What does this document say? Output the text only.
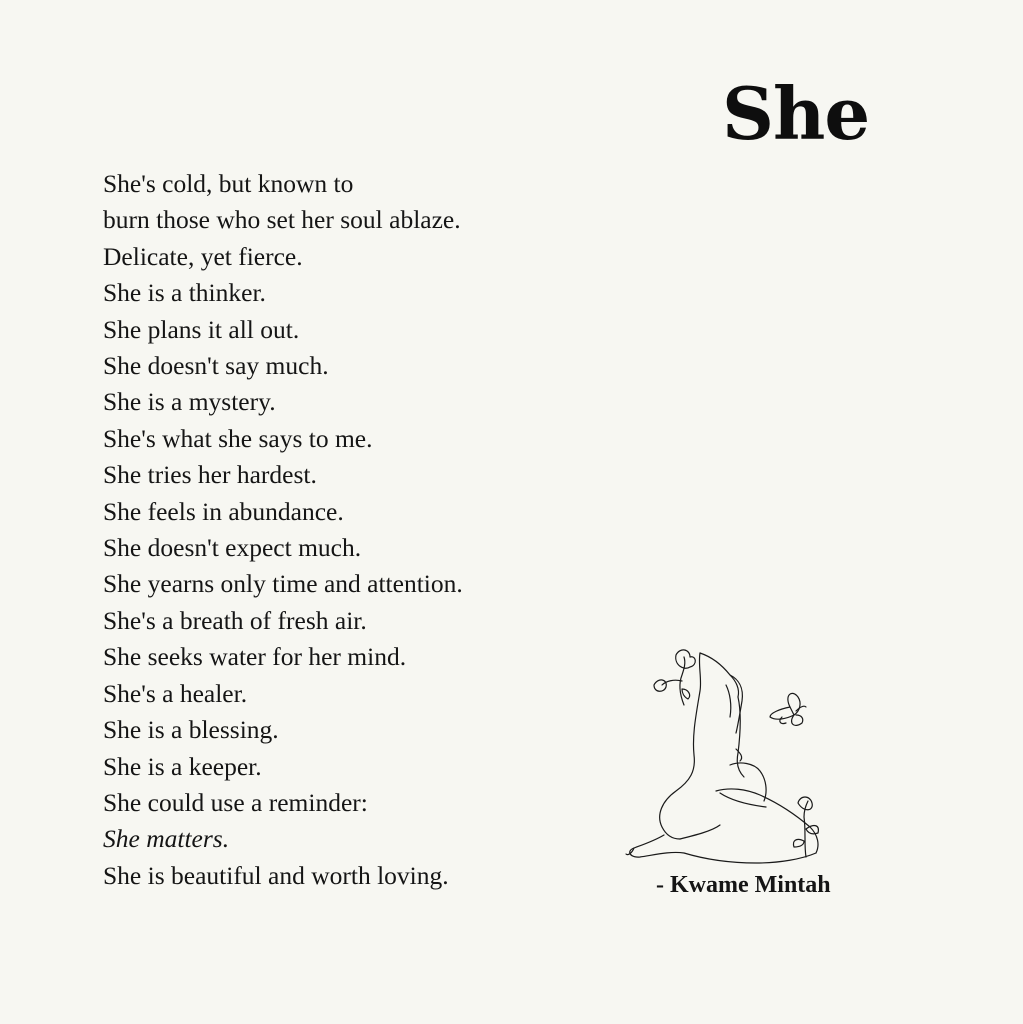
She
She's cold, but known to
burn those who set her soul ablaze.
Delicate, yet fierce.
She is a thinker.
She plans it all out.
She doesn't say much.
She is a mystery.
She's what she says to me.
She tries her hardest.
She feels in abundance.
She doesn't expect much.
She yearns only time and attention.
She's a breath of fresh air.
She seeks water for her mind.
She's a healer.
She is a blessing.
She is a keeper.
She could use a reminder:
She matters.
She is beautiful and worth loving.	- Kwame Mintah
